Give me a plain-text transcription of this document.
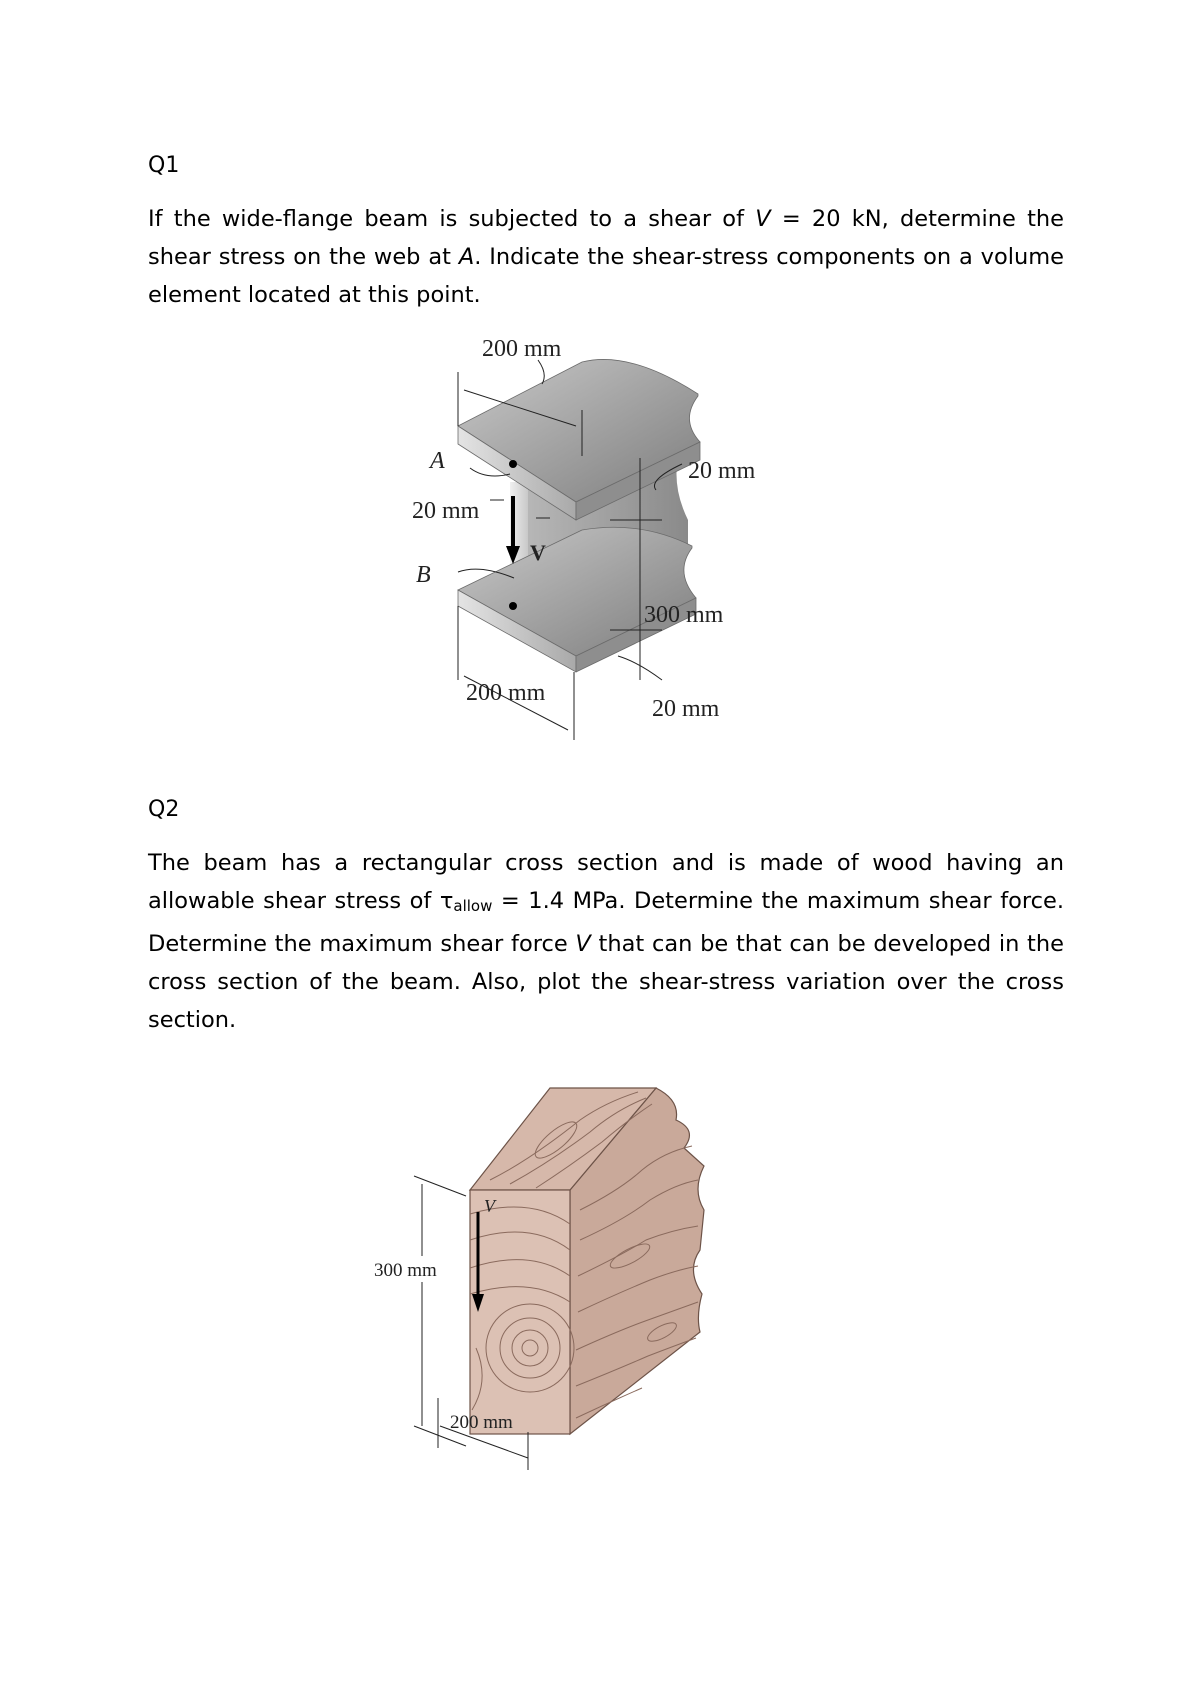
Q1
If the wide-flange beam is subjected to a shear of V = 20 kN, determine the shear stress on the web at A. Indicate the shear-stress components on a volume element located at this point.
200 mm
A	20 mm
20 mm
V
B
300 mm
200 mm
20 mm
Q2
The beam has a rectangular cross section and is made of wood having an allowable shear stress of $\tau_{allow} = 1.4$ MPa. Determine the maximum shear force. Determine the maximum shear force V that can be that can be developed in the cross section of the beam. Also, plot the shear-stress variation over the cross section.
V
300 mm
200 mm
